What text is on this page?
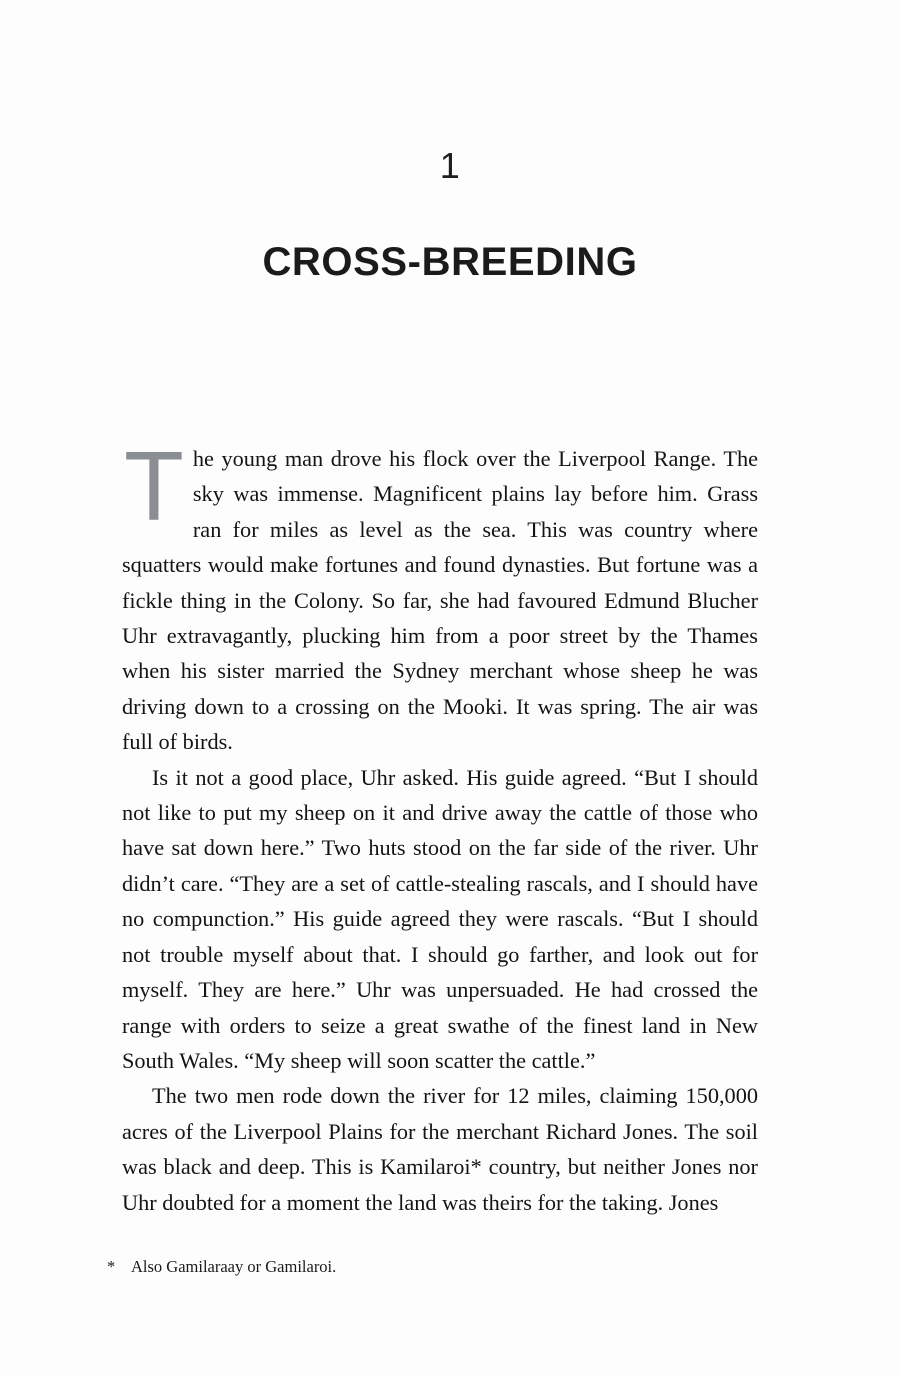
1
CROSS-BREEDING

The young man drove his flock over the Liverpool Range. The sky was immense. Magnificent plains lay before him. Grass ran for miles as level as the sea. This was country where squatters would make fortunes and found dynasties. But fortune was a fickle thing in the Colony. So far, she had favoured Edmund Blucher Uhr extravagantly, plucking him from a poor street by the Thames when his sister married the Sydney merchant whose sheep he was driving down to a crossing on the Mooki. It was spring. The air was full of birds.

Is it not a good place, Uhr asked. His guide agreed. “But I should not like to put my sheep on it and drive away the cattle of those who have sat down here.” Two huts stood on the far side of the river. Uhr didn’t care. “They are a set of cattle-stealing rascals, and I should have no compunction.” His guide agreed they were rascals. “But I should not trouble myself about that. I should go farther, and look out for myself. They are here.” Uhr was unpersuaded. He had crossed the range with orders to seize a great swathe of the finest land in New South Wales. “My sheep will soon scatter the cattle.”

The two men rode down the river for 12 miles, claiming 150,000 acres of the Liverpool Plains for the merchant Richard Jones. The soil was black and deep. This is Kamilaroi* country, but neither Jones nor Uhr doubted for a moment the land was theirs for the taking. Jones

* Also Gamilaraay or Gamilaroi.
